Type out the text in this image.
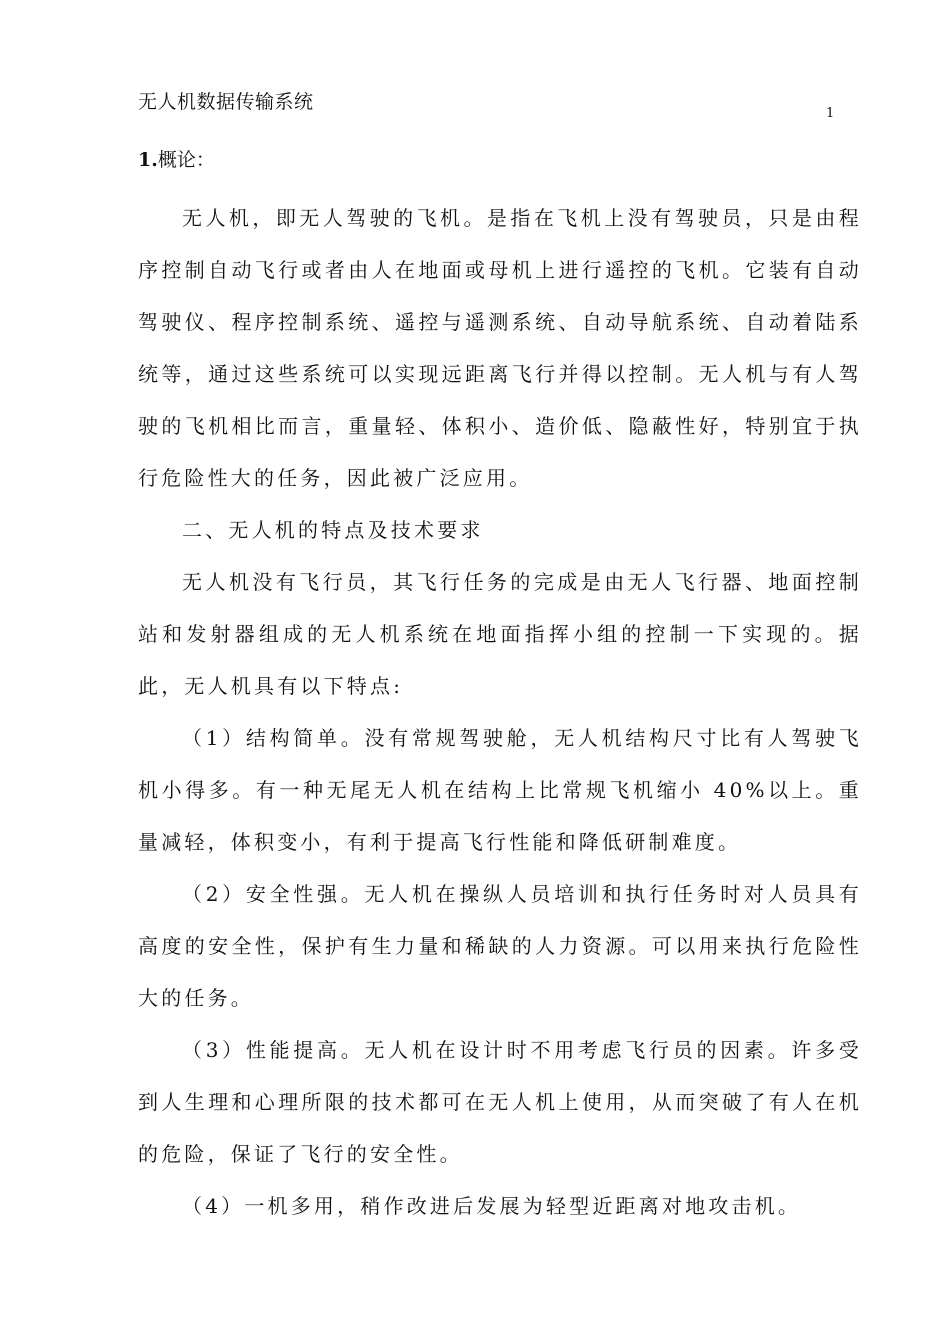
无人机数据传输系统
1
1.概论：

无人机，即无人驾驶的飞机。是指在飞机上没有驾驶员，只是由程序控制自动飞行或者由人在地面或母机上进行遥控的飞机。它装有自动驾驶仪、程序控制系统、遥控与遥测系统、自动导航系统、自动着陆系统等，通过这些系统可以实现远距离飞行并得以控制。无人机与有人驾驶的飞机相比而言，重量轻、体积小、造价低、隐蔽性好，特别宜于执行危险性大的任务，因此被广泛应用。

二、无人机的特点及技术要求

无人机没有飞行员，其飞行任务的完成是由无人飞行器、地面控制站和发射器组成的无人机系统在地面指挥小组的控制一下实现的。据此，无人机具有以下特点:

（1）结构简单。没有常规驾驶舱，无人机结构尺寸比有人驾驶飞机小得多。有一种无尾无人机在结构上比常规飞机缩小 40%以上。重量减轻，体积变小，有利于提高飞行性能和降低研制难度。

（2）安全性强。无人机在操纵人员培训和执行任务时对人员具有高度的安全性，保护有生力量和稀缺的人力资源。可以用来执行危险性大的任务。

（3）性能提高。无人机在设计时不用考虑飞行员的因素。许多受到人生理和心理所限的技术都可在无人机上使用，从而突破了有人在机的危险，保证了飞行的安全性。

（4）一机多用，稍作改进后发展为轻型近距离对地攻击机。
